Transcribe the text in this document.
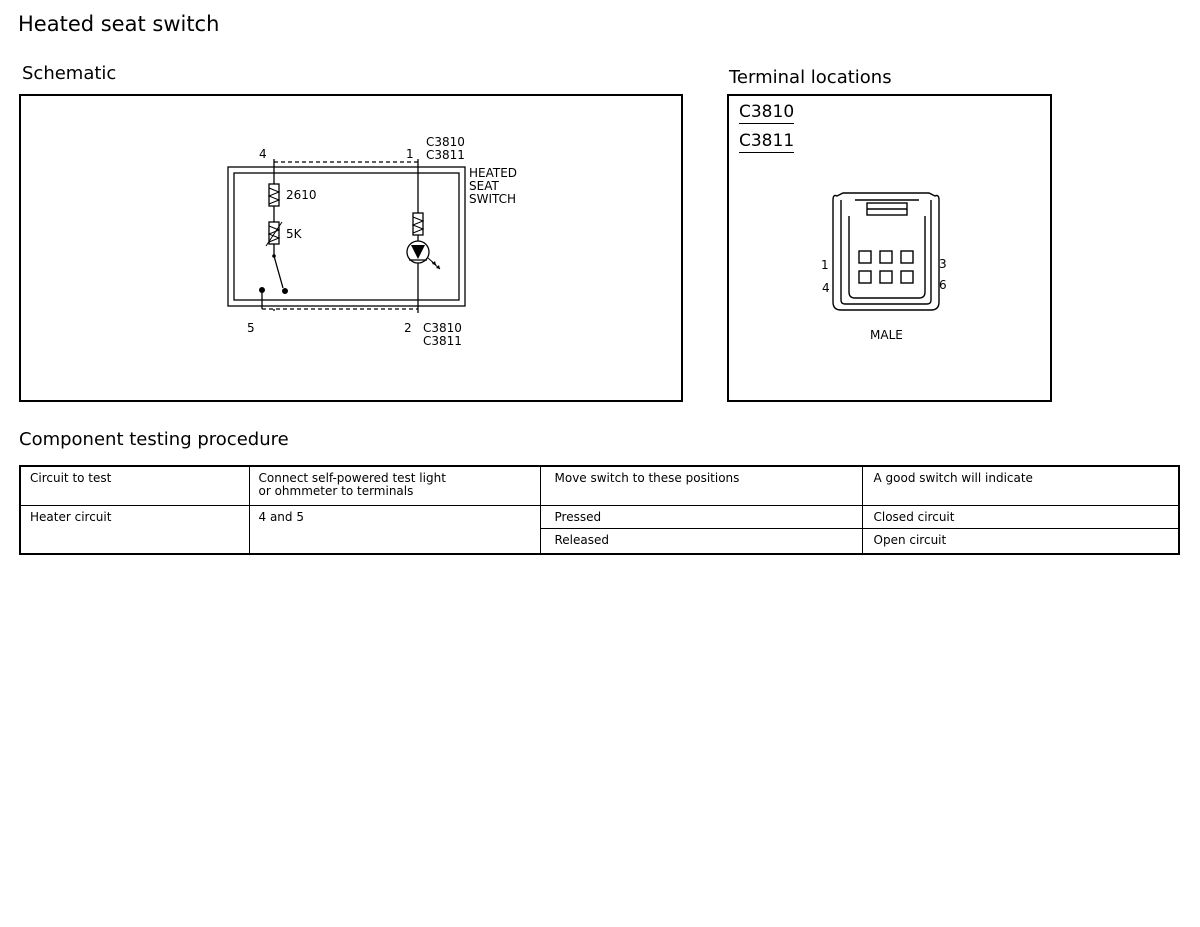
Heated seat switch
Schematic
4	1
C3810
C3811
HEATED
SEAT
SWITCH
2610
5K
5	2 C3810
C3811
Terminal locations
C3810
C3811
1
4
3
6
MALE
Component testing procedure
Circuit to test	Connect self-powered test light or ohmmeter to terminals	Move switch to these positions	A good switch will indicate
Heater circuit	4 and 5	Pressed	Closed circuit
		Released	Open circuit
